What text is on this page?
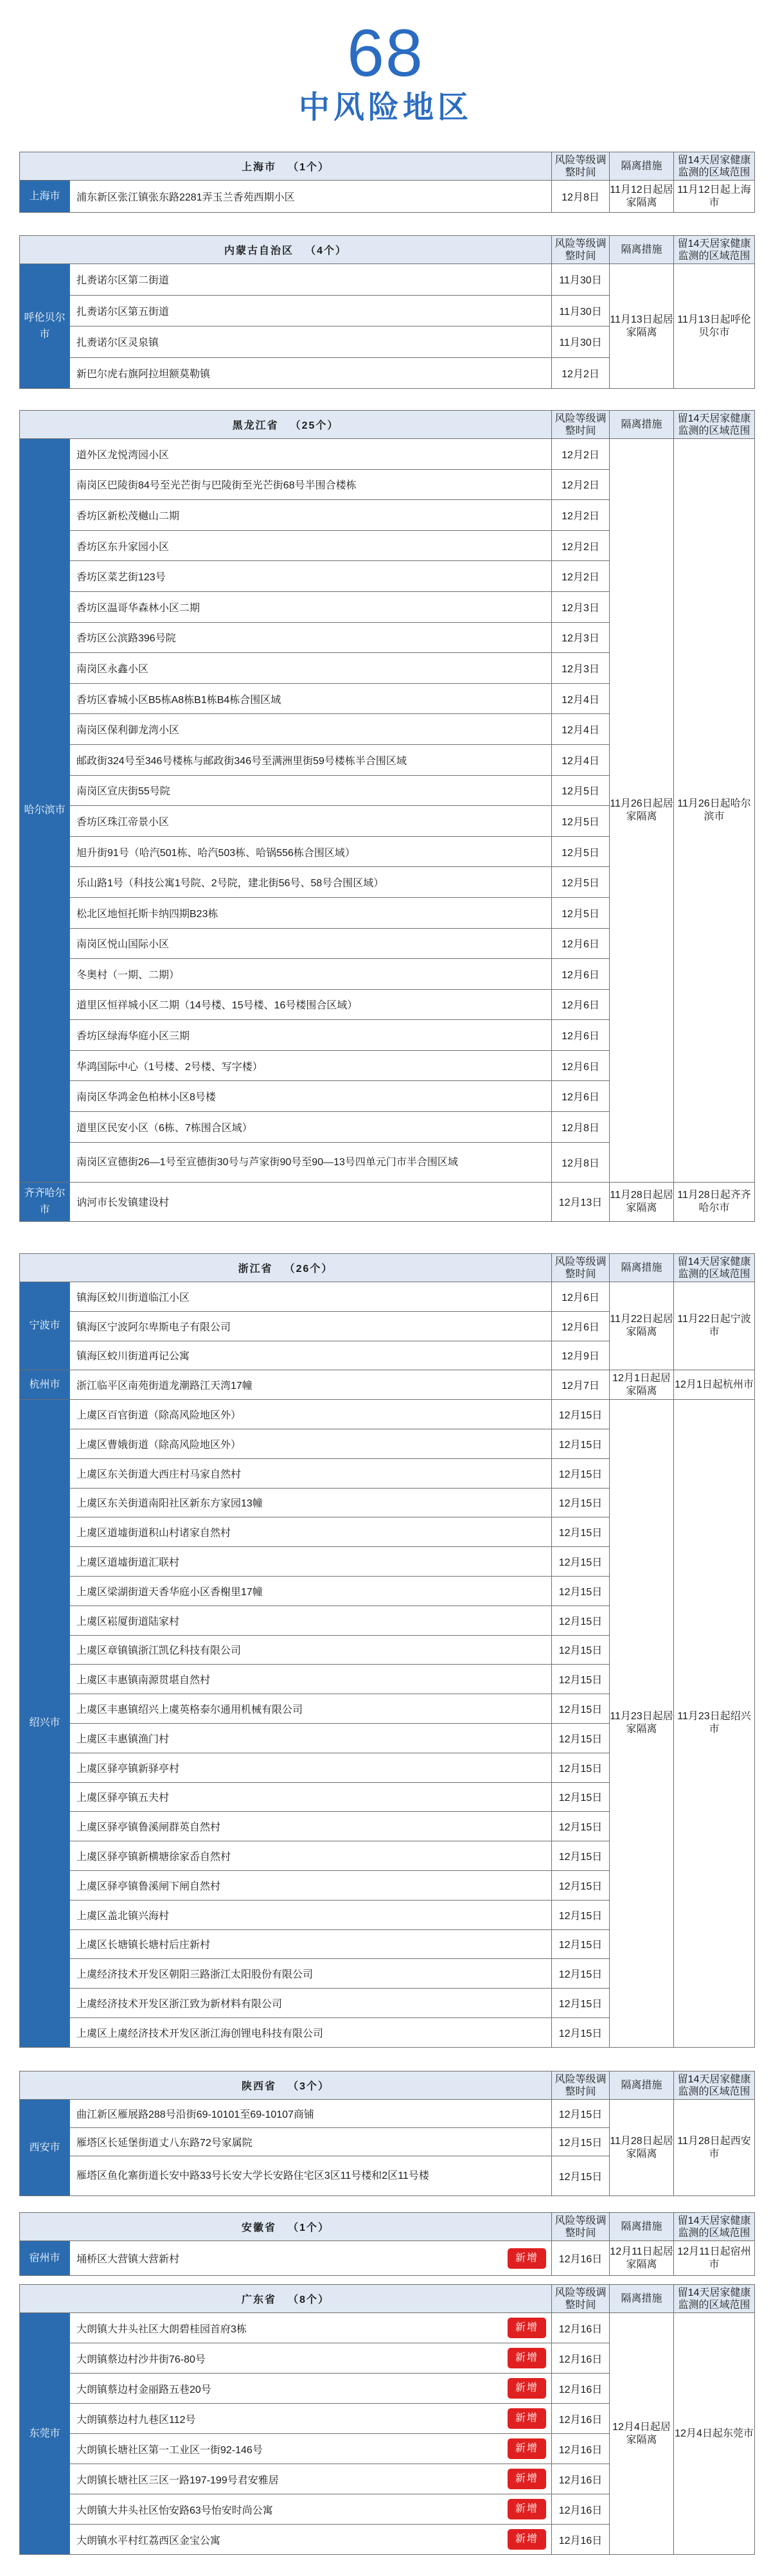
68
中风险地区
上海市 （1个）		风险等级调整时间	隔离措施	留14天居家健康监测的区域范围
上海市	浦东新区张江镇张东路2281弄玉兰香苑西期小区	12月8日	11月12日起居家隔离	11月12日起上海市
内蒙古自治区 （4个）		风险等级调整时间	隔离措施	留14天居家健康监测的区域范围
呼伦贝尔市	扎赉诺尔区第二街道	11月30日	11月13日起居家隔离	11月13日起呼伦贝尔市
	扎赉诺尔区第五街道	11月30日		
	扎赉诺尔区灵泉镇	11月30日		
	新巴尔虎右旗阿拉坦额莫勒镇	12月2日		
黑龙江省 （25个）		风险等级调整时间	隔离措施	留14天居家健康监测的区域范围
哈尔滨市	道外区龙悦湾园小区	12月2日	11月26日起居家隔离	11月26日起哈尔滨市
	南岗区巴陵街84号至光芒街与巴陵街至光芒街68号半围合楼栋	12月2日		
	香坊区新松茂樾山二期	12月2日		
	香坊区东升家园小区	12月2日		
	香坊区菜艺街123号	12月2日		
	香坊区温哥华森林小区二期	12月3日		
	香坊区公滨路396号院	12月3日		
	南岗区永鑫小区	12月3日		
	香坊区睿城小区B5栋A8栋B1栋B4栋合围区域	12月4日		
	南岗区保利御龙湾小区	12月4日		
	邮政街324号至346号楼栋与邮政街346号至满洲里街59号楼栋半合围区域	12月4日		
	南岗区宣庆街55号院	12月5日		
	香坊区珠江帝景小区	12月5日		
	旭升街91号（哈汽501栋、哈汽503栋、哈锅556栋合围区域）	12月5日		
	乐山路1号（科技公寓1号院、2号院，建北街56号、58号合围区域）	12月5日		
	松北区地恒托斯卡纳四期B23栋	12月5日		
	南岗区悦山国际小区	12月6日		
	冬奥村（一期、二期）	12月6日		
	道里区恒祥城小区二期（14号楼、15号楼、16号楼围合区域）	12月6日		
	香坊区绿海华庭小区三期	12月6日		
	华鸿国际中心（1号楼、2号楼、写字楼）	12月6日		
	南岗区华鸿金色柏林小区8号楼	12月6日		
	道里区民安小区（6栋、7栋围合区域）	12月8日		
	南岗区宣德街26—1号至宣德街30号与芦家街90号至90—13号四单元门市半合围区域	12月8日		
齐齐哈尔市	讷河市长发镇建设村	12月13日	11月28日起居家隔离	11月28日起齐齐哈尔市
浙江省 （26个）		风险等级调整时间	隔离措施	留14天居家健康监测的区域范围
宁波市	镇海区蛟川街道临江小区	12月6日	11月22日起居家隔离	11月22日起宁波市
	镇海区宁波阿尔卑斯电子有限公司	12月6日		
	镇海区蛟川街道再记公寓	12月9日		
杭州市	浙江临平区南苑街道龙潮路江天湾17幢	12月7日	12月1日起居家隔离	12月1日起杭州市
绍兴市	上虞区百官街道（除高风险地区外）	12月15日	11月23日起居家隔离	11月23日起绍兴市
	上虞区曹娥街道（除高风险地区外）	12月15日		
	上虞区东关街道大西庄村马家自然村	12月15日		
	上虞区东关街道南阳社区新东方家园13幢	12月15日		
	上虞区道墟街道积山村诸家自然村	12月15日		
	上虞区道墟街道汇联村	12月15日		
	上虞区梁湖街道天香华庭小区香榭里17幢	12月15日		
	上虞区崧厦街道陆家村	12月15日		
	上虞区章镇镇浙江凯亿科技有限公司	12月15日		
	上虞区丰惠镇南源贯堪自然村	12月15日		
	上虞区丰惠镇绍兴上虞英格泰尔通用机械有限公司	12月15日		
	上虞区丰惠镇渔门村	12月15日		
	上虞区驿亭镇新驿亭村	12月15日		
	上虞区驿亭镇五夫村	12月15日		
	上虞区驿亭镇鲁溪闸群英自然村	12月15日		
	上虞区驿亭镇新横塘徐家岙自然村	12月15日		
	上虞区驿亭镇鲁溪闸下闸自然村	12月15日		
	上虞区盖北镇兴海村	12月15日		
	上虞区长塘镇长塘村后庄新村	12月15日		
	上虞经济技术开发区朝阳三路浙江太阳股份有限公司	12月15日		
	上虞经济技术开发区浙江致为新材料有限公司	12月15日		
	上虞区上虞经济技术开发区浙江海创锂电科技有限公司	12月15日		
陕西省 （3个）		风险等级调整时间	隔离措施	留14天居家健康监测的区域范围
西安市	曲江新区雁展路288号沿街69-10101至69-10107商铺	12月15日	11月28日起居家隔离	11月28日起西安市
	雁塔区长延堡街道丈八东路72号家属院	12月15日		
	雁塔区鱼化寨街道长安中路33号长安大学长安路住宅区3区11号楼和2区11号楼	12月15日		
安徽省 （1个）		风险等级调整时间	隔离措施	留14天居家健康监测的区域范围
宿州市	埇桥区大营镇大营新村 新增	12月16日	12月11日起居家隔离	12月11日起宿州市
广东省 （8个）		风险等级调整时间	隔离措施	留14天居家健康监测的区域范围
东莞市	大朗镇大井头社区大朗碧桂园首府3栋 新增	12月16日	12月4日起居家隔离	12月4日起东莞市

	大朗镇蔡边村沙井街76-80号 新增	12月16日		

	大朗镇蔡边村金丽路五巷20号 新增	12月16日		

	大朗镇蔡边村九巷区112号 新增	12月16日		

	大朗镇长塘社区第一工业区一街92-146号 新增	12月16日		

	大朗镇长塘社区三区一路197-199号君安雅居 新增	12月16日		

	大朗镇大井头社区怡安路63号怡安时尚公寓 新增	12月16日		

	大朗镇水平村红荔西区金宝公寓 新增	12月16日		
